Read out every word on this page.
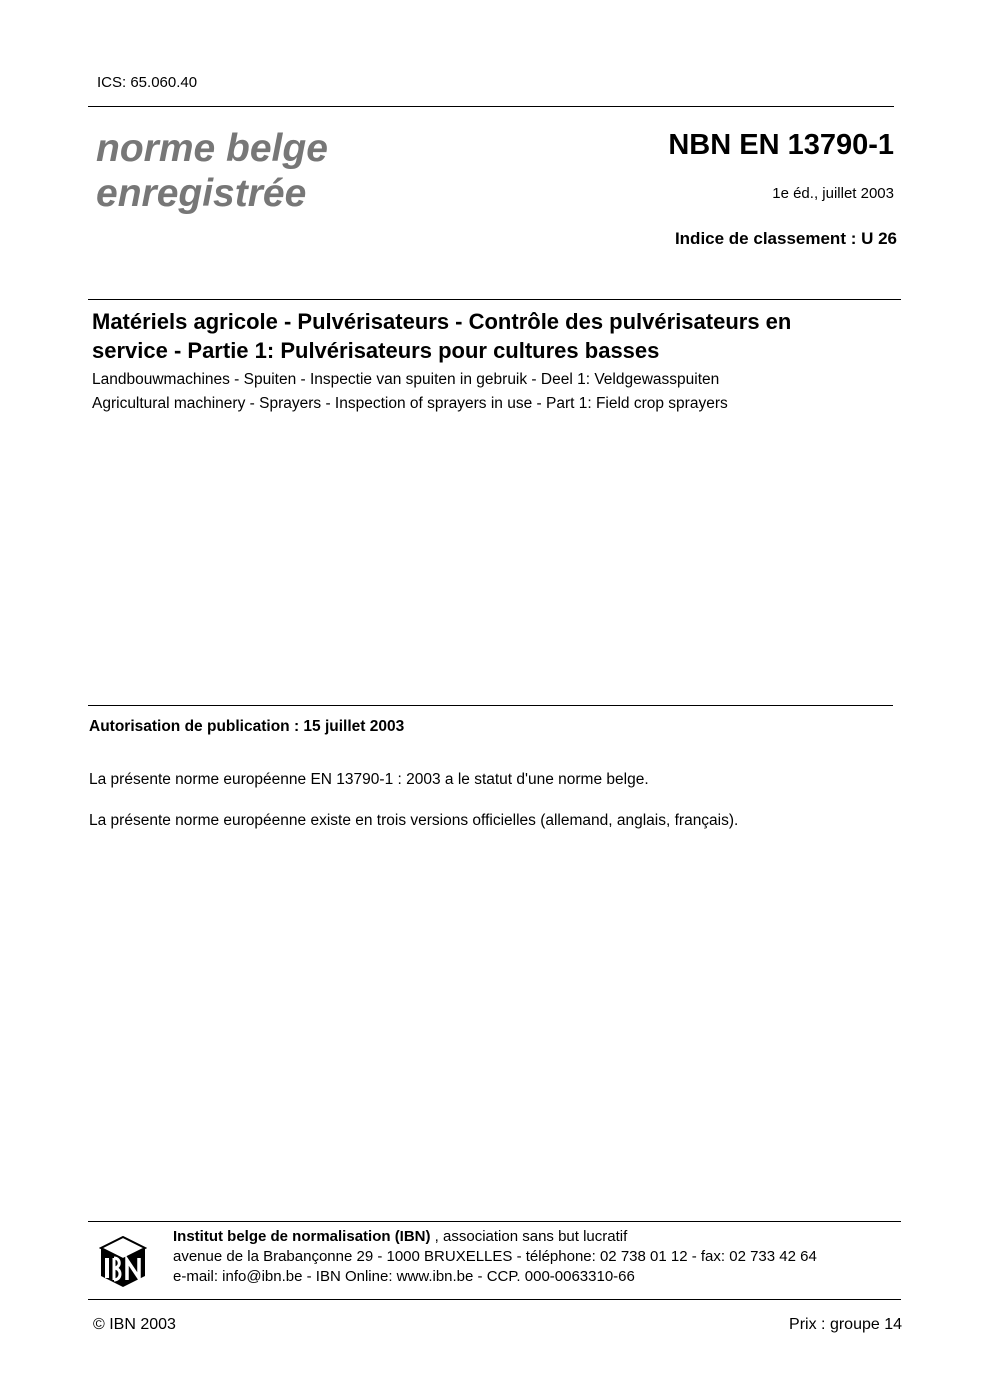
ICS: 65.060.40
norme belge
enregistrée
NBN EN 13790-1
1e éd., juillet 2003
Indice de classement : U 26
Matériels agricole - Pulvérisateurs - Contrôle des pulvérisateurs en service - Partie 1: Pulvérisateurs pour cultures basses
Landbouwmachines - Spuiten - Inspectie van spuiten in gebruik - Deel 1: Veldgewasspuiten
Agricultural machinery - Sprayers - Inspection of sprayers in use - Part 1: Field crop sprayers
Autorisation de publication : 15 juillet 2003
La présente norme européenne EN 13790-1 : 2003 a le statut d'une norme belge.
La présente norme européenne existe en trois versions officielles (allemand, anglais, français).
Institut belge de normalisation (IBN) , association sans but lucratif
avenue de la Brabançonne 29 - 1000 BRUXELLES - téléphone: 02 738 01 12 - fax: 02 733 42 64
e-mail: info@ibn.be - IBN Online: www.ibn.be - CCP. 000-0063310-66
© IBN 2003	Prix : groupe 14
